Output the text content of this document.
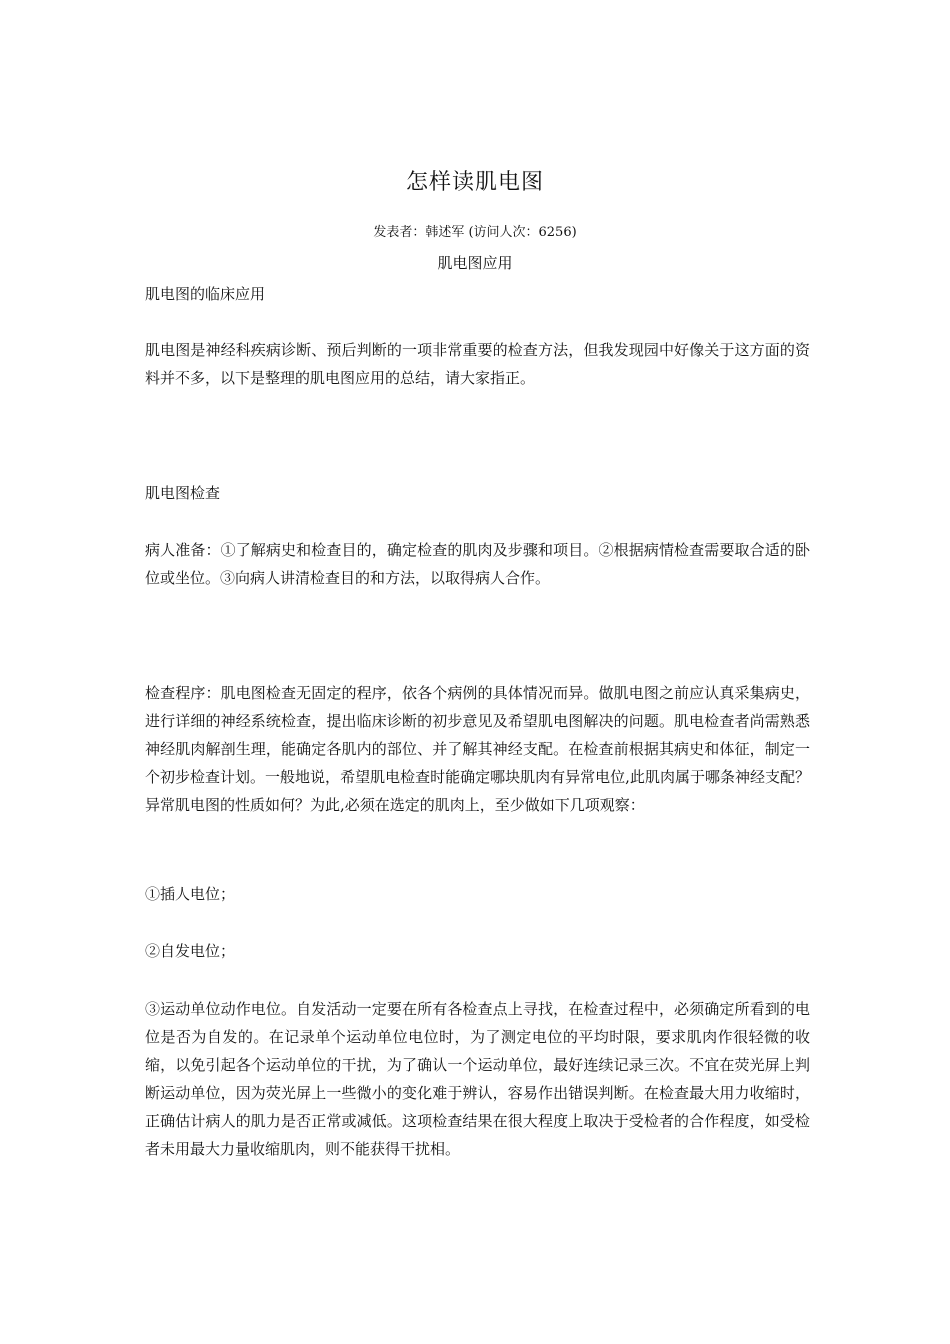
怎样读肌电图
发表者：韩述军 (访问人次：6256)
肌电图应用

肌电图的临床应用

肌电图是神经科疾病诊断、预后判断的一项非常重要的检查方法，但我发现园中好像关于这方面的资料并不多，以下是整理的肌电图应用的总结，请大家指正。

肌电图检查

病人准备：①了解病史和检查目的，确定检查的肌肉及步骤和项目。②根据病情检查需要取合适的卧位或坐位。③向病人讲清检查目的和方法，以取得病人合作。

检查程序：肌电图检查无固定的程序，依各个病例的具体情况而异。做肌电图之前应认真采集病史，进行详细的神经系统检查，提出临床诊断的初步意见及希望肌电图解决的问题。肌电检查者尚需熟悉神经肌肉解剖生理，能确定各肌内的部位、并了解其神经支配。在检查前根据其病史和体征，制定一个初步检查计划。一般地说，希望肌电检查时能确定哪块肌肉有异常电位,此肌肉属于哪条神经支配？异常肌电图的性质如何？为此,必须在选定的肌肉上，至少做如下几项观察：

①插人电位；

②自发电位；

③运动单位动作电位。自发活动一定要在所有各检查点上寻找，在检查过程中，必须确定所看到的电位是否为自发的。在记录单个运动单位电位时，为了测定电位的平均时限，要求肌肉作很轻微的收缩，以免引起各个运动单位的干扰，为了确认一个运动单位，最好连续记录三次。不宜在荧光屏上判断运动单位，因为荧光屏上一些微小的变化难于辨认，容易作出错误判断。在检查最大用力收缩时，正确估计病人的肌力是否正常或减低。这项检查结果在很大程度上取决于受检者的合作程度，如受检者未用最大力量收缩肌肉，则不能获得干扰相。
